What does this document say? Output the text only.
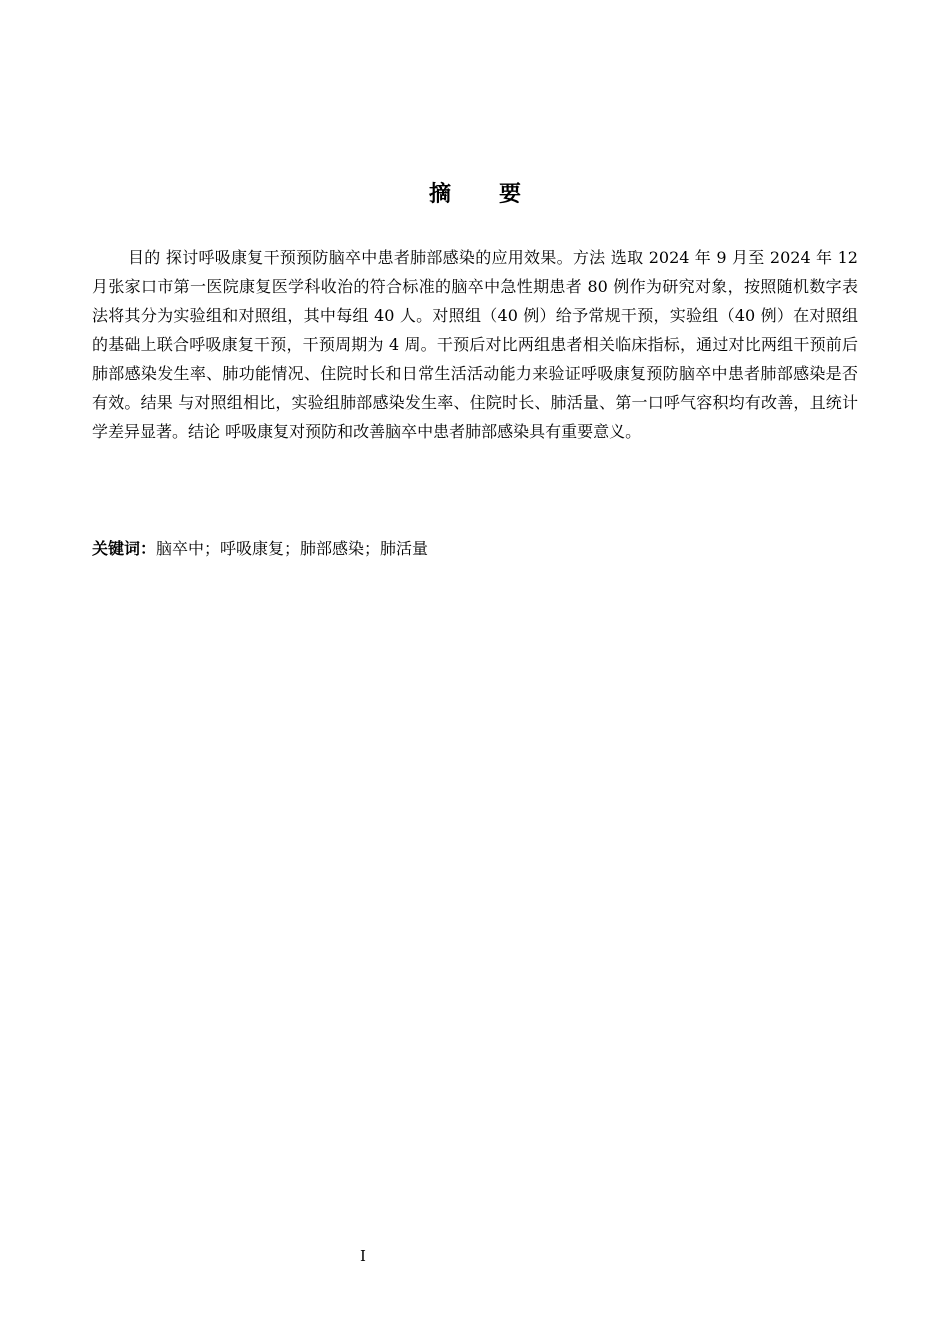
摘 要

目的 探讨呼吸康复干预预防脑卒中患者肺部感染的应用效果。方法 选取 2024 年 9 月至 2024 年 12 月张家口市第一医院康复医学科收治的符合标准的脑卒中急性期患者 80 例作为研究对象，按照随机数字表法将其分为实验组和对照组，其中每组 40 人。对照组（40 例）给予常规干预，实验组（40 例）在对照组的基础上联合呼吸康复干预，干预周期为 4 周。干预后对比两组患者相关临床指标，通过对比两组干预前后肺部感染发生率、肺功能情况、住院时长和日常生活活动能力来验证呼吸康复预防脑卒中患者肺部感染是否有效。结果 与对照组相比，实验组肺部感染发生率、住院时长、肺活量、第一口呼气容积均有改善，且统计学差异显著。结论 呼吸康复对预防和改善脑卒中患者肺部感染具有重要意义。

关键词：脑卒中；呼吸康复；肺部感染；肺活量

I
